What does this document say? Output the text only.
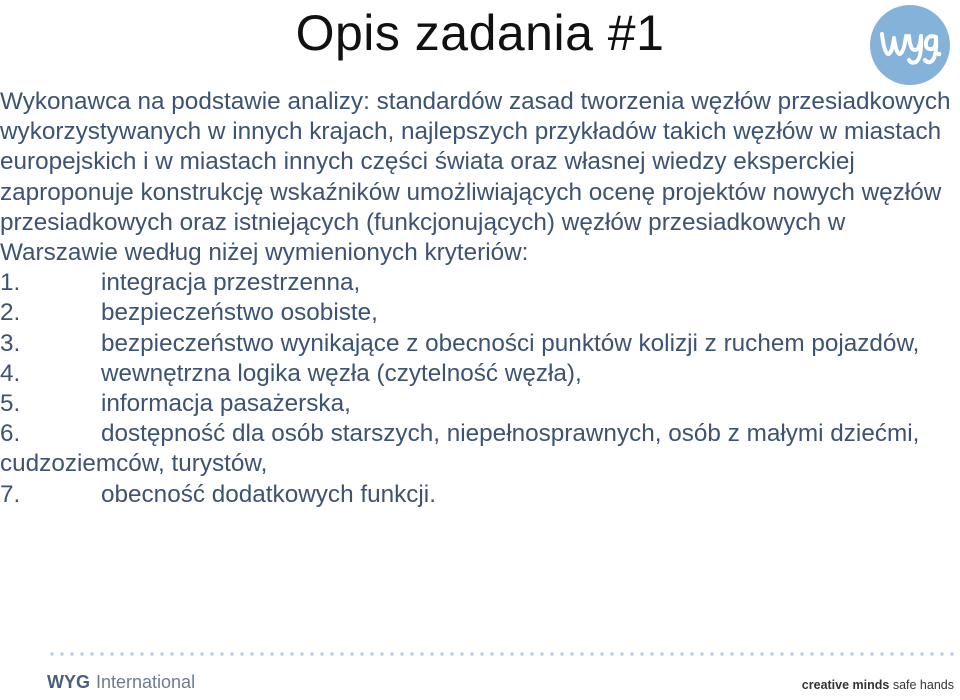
Opis zadania #1

Wykonawca na podstawie analizy: standardów zasad tworzenia węzłów przesiadkowych wykorzystywanych w innych krajach, najlepszych przykładów takich węzłów w miastach europejskich i w miastach innych części świata oraz własnej wiedzy eksperckiej zaproponuje konstrukcję wskaźników umożliwiających ocenę projektów nowych węzłów przesiadkowych oraz istniejących (funkcjonujących) węzłów przesiadkowych w Warszawie według niżej wymienionych kryteriów:

1.	integracja przestrzenna,
2.	bezpieczeństwo osobiste,
3.	bezpieczeństwo wynikające z obecności punktów kolizji z ruchem pojazdów,
4.	wewnętrzna logika węzła (czytelność węzła),
5.	informacja pasażerska,
6.	dostępność dla osób starszych, niepełnosprawnych, osób z małymi dziećmi, cudzoziemców, turystów,
7.	obecność dodatkowych funkcji.
WYG International	creative minds safe hands
